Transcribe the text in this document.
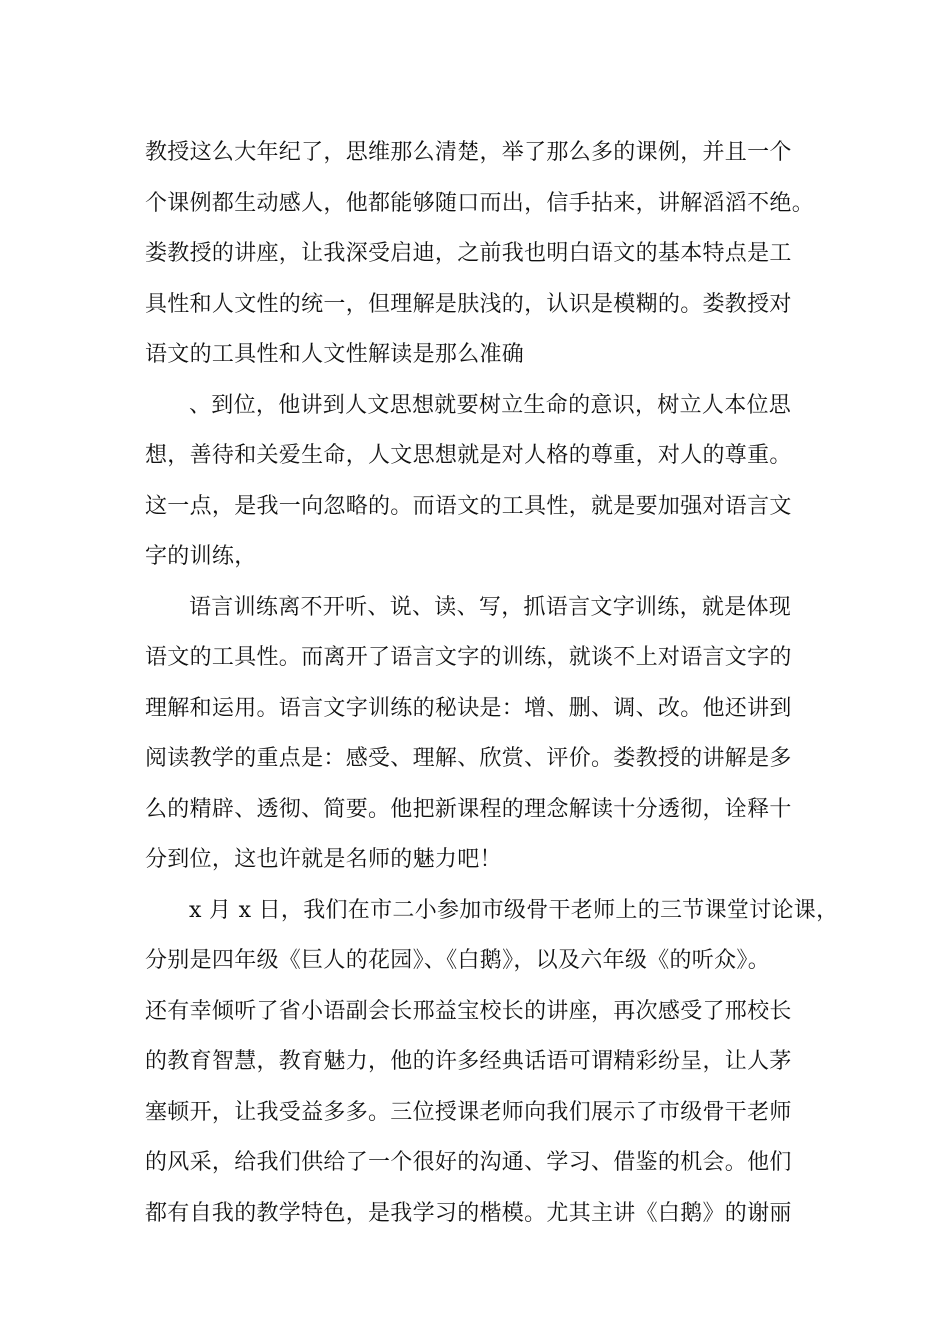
教授这么大年纪了，思维那么清楚，举了那么多的课例，并且一个
个课例都生动感人，他都能够随口而出，信手拈来，讲解滔滔不绝。
娄教授的讲座，让我深受启迪，之前我也明白语文的基本特点是工
具性和人文性的统一，但理解是肤浅的，认识是模糊的。娄教授对
语文的工具性和人文性解读是那么准确
、到位，他讲到人文思想就要树立生命的意识，树立人本位思
想，善待和关爱生命，人文思想就是对人格的尊重，对人的尊重。
这一点，是我一向忽略的。而语文的工具性，就是要加强对语言文
字的训练，
语言训练离不开听、说、读、写，抓语言文字训练，就是体现
语文的工具性。而离开了语言文字的训练，就谈不上对语言文字的
理解和运用。语言文字训练的秘诀是：增、删、调、改。他还讲到
阅读教学的重点是：感受、理解、欣赏、评价。娄教授的讲解是多
么的精辟、透彻、简要。他把新课程的理念解读十分透彻，诠释十
分到位，这也许就是名师的魅力吧！
x 月 x 日，我们在市二小参加市级骨干老师上的三节课堂讨论课，
分别是四年级《巨人的花园》、《白鹅》，以及六年级《的听众》。
还有幸倾听了省小语副会长邢益宝校长的讲座，再次感受了邢校长
的教育智慧，教育魅力，他的许多经典话语可谓精彩纷呈，让人茅
塞顿开，让我受益多多。三位授课老师向我们展示了市级骨干老师
的风采，给我们供给了一个很好的沟通、学习、借鉴的机会。他们
都有自我的教学特色，是我学习的楷模。尤其主讲《白鹅》的谢丽
